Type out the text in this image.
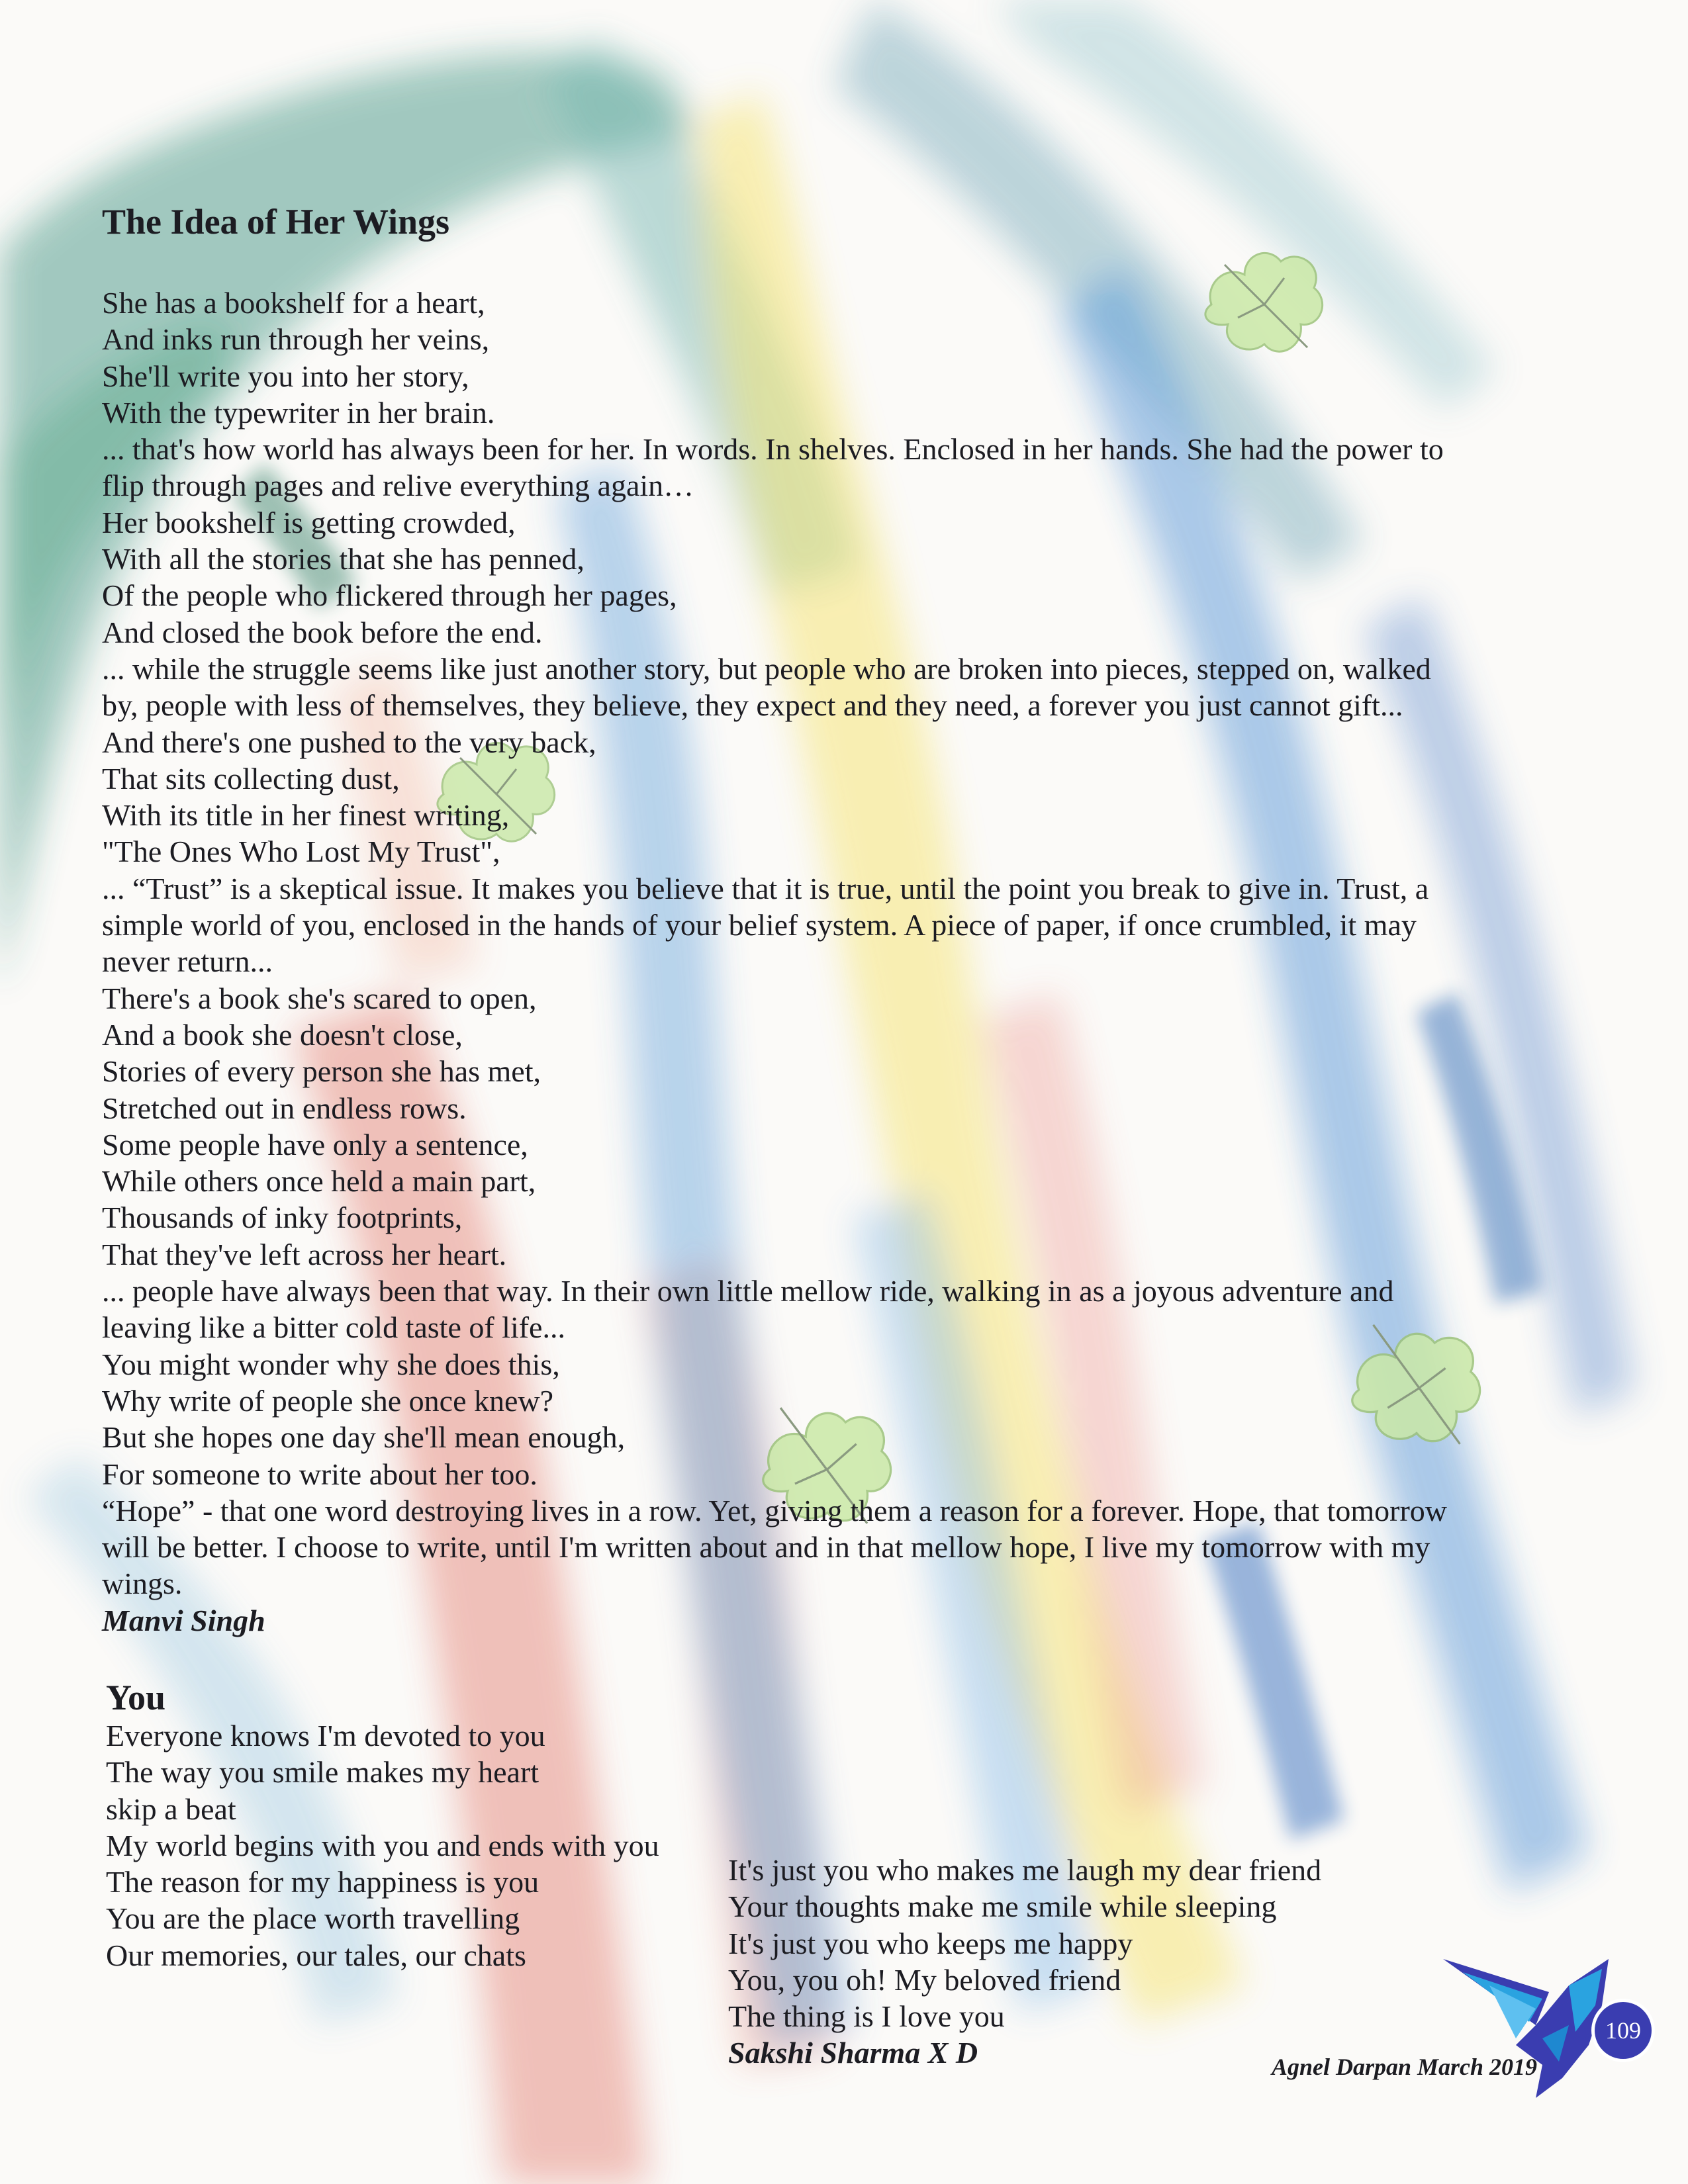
The Idea of Her Wings
She has a bookshelf for a heart,
And inks run through her veins,
She'll write you into her story,
With the typewriter in her brain.
... that's how world has always been for her. In words. In shelves. Enclosed in her hands. She had the power to
flip through pages and relive everything again…
Her bookshelf is getting crowded,
With all the stories that she has penned,
Of the people who flickered through her pages,
And closed the book before the end.
... while the struggle seems like just another story, but people who are broken into pieces, stepped on, walked
by, people with less of themselves, they believe, they expect and they need, a forever you just cannot gift...
And there's one pushed to the very back,
That sits collecting dust,
With its title in her finest writing,
"The Ones Who Lost My Trust",
... “Trust” is a skeptical issue. It makes you believe that it is true, until the point you break to give in. Trust, a
simple world of you, enclosed in the hands of your belief system. A piece of paper, if once crumbled, it may
never return...
There's a book she's scared to open,
And a book she doesn't close,
Stories of every person she has met,
Stretched out in endless rows.
Some people have only a sentence,
While others once held a main part,
Thousands of inky footprints,
That they've left across her heart.
... people have always been that way. In their own little mellow ride, walking in as a joyous adventure and
leaving like a bitter cold taste of life...
You might wonder why she does this,
Why write of people she once knew?
But she hopes one day she'll mean enough,
For someone to write about her too.
“Hope” - that one word destroying lives in a row. Yet, giving them a reason for a forever. Hope, that tomorrow
will be better. I choose to write, until I'm written about and in that mellow hope, I live my tomorrow with my
wings.
Manvi Singh
You
Everyone knows I'm devoted to you
The way you smile makes my heart
skip a beat
My world begins with you and ends with you
The reason for my happiness is you
You are the place worth travelling
Our memories, our tales, our chats
It's just you who makes me laugh my dear friend
Your thoughts make me smile while sleeping
It's just you who keeps me happy
You, you oh! My beloved friend
The thing is I love you
Sakshi Sharma X D
109
Agnel Darpan March 2019
